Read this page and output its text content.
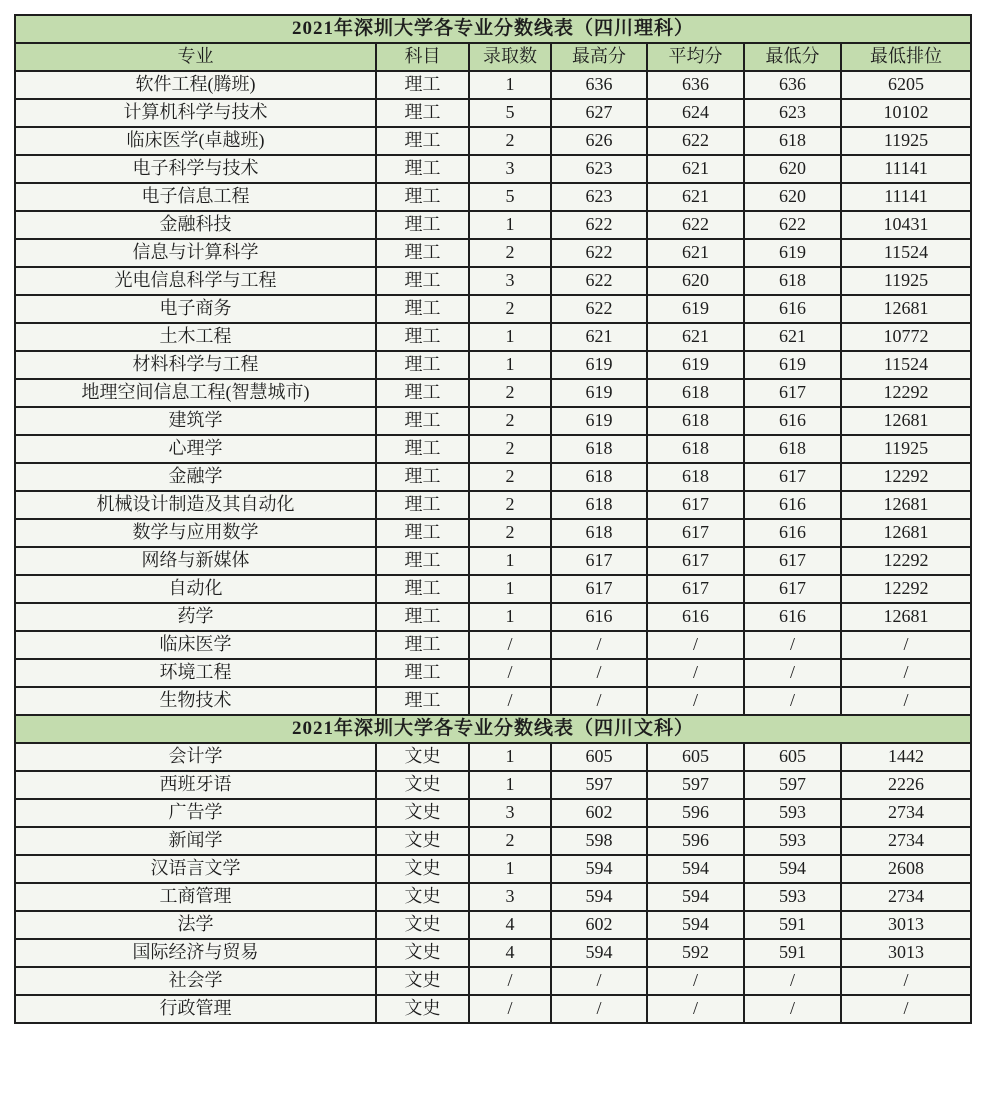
2021年深圳大学各专业分数线表（四川理科）						
专业	科目	录取数	最高分	平均分	最低分	最低排位
软件工程(腾班)	理工	1	636	636	636	6205
计算机科学与技术	理工	5	627	624	623	10102
临床医学(卓越班)	理工	2	626	622	618	11925
电子科学与技术	理工	3	623	621	620	11141
电子信息工程	理工	5	623	621	620	11141
金融科技	理工	1	622	622	622	10431
信息与计算科学	理工	2	622	621	619	11524
光电信息科学与工程	理工	3	622	620	618	11925
电子商务	理工	2	622	619	616	12681
土木工程	理工	1	621	621	621	10772
材料科学与工程	理工	1	619	619	619	11524
地理空间信息工程(智慧城市)	理工	2	619	618	617	12292
建筑学	理工	2	619	618	616	12681
心理学	理工	2	618	618	618	11925
金融学	理工	2	618	618	617	12292
机械设计制造及其自动化	理工	2	618	617	616	12681
数学与应用数学	理工	2	618	617	616	12681
网络与新媒体	理工	1	617	617	617	12292
自动化	理工	1	617	617	617	12292
药学	理工	1	616	616	616	12681
临床医学	理工	/	/	/	/	/
环境工程	理工	/	/	/	/	/
生物技术	理工	/	/	/	/	/
2021年深圳大学各专业分数线表（四川文科）						
会计学	文史	1	605	605	605	1442
西班牙语	文史	1	597	597	597	2226
广告学	文史	3	602	596	593	2734
新闻学	文史	2	598	596	593	2734
汉语言文学	文史	1	594	594	594	2608
工商管理	文史	3	594	594	593	2734
法学	文史	4	602	594	591	3013
国际经济与贸易	文史	4	594	592	591	3013
社会学	文史	/	/	/	/	/
行政管理	文史	/	/	/	/	/
